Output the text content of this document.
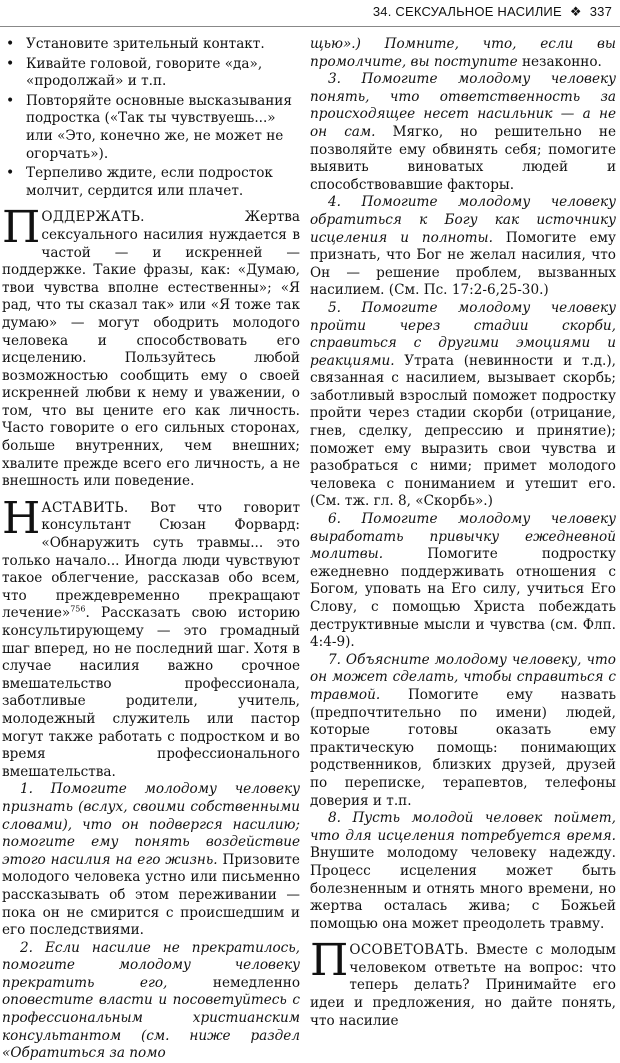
34. СЕКСУАЛЬНОЕ НАСИЛИЕ ❖ 337
• Установите зрительный контакт.
• Кивайте головой, говорите «да», «продолжай» и т.п.
• Повторяйте основные высказывания подростка («Так ты чувствуешь...» или «Это, конечно же, не может не огорчать»).
• Терпеливо ждите, если подросток молчит, сердится или плачет.

ПОДДЕРЖАТЬ. Жертва сексуального насилия нуждается в частой — и искренней — поддержке. Такие фразы, как: «Думаю, твои чувства вполне естественны»; «Я рад, что ты сказал так» или «Я тоже так думаю» — могут ободрить молодого человека и способствовать его исцелению. Пользуйтесь любой возможностью сообщить ему о своей искренней любви к нему и уважении, о том, что вы цените его как личность. Часто говорите о его сильных сторонах, больше внутренних, чем внешних; хвалите прежде всего его личность, а не внешность или поведение.

НАСТАВИТЬ. Вот что говорит консультант Сюзан Форвард: «Обнаружить суть травмы... это только начало... Иногда люди чувствуют такое облегчение, рассказав обо всем, что преждевременно прекращают лечение»$^{756}$. Рассказать свою историю консультирующему — это громадный шаг вперед, но не последний шаг. Хотя в случае насилия важно срочное вмешательство профессионала, заботливые родители, учитель, молодежный служитель или пастор могут также работать с подростком и во время профессионального вмешательства.

1. Помогите молодому человеку признать (вслух, своими собственными словами), что он подвергся насилию; помогите ему понять воздействие этого насилия на его жизнь. Призовите молодого человека устно или письменно рассказывать об этом переживании — пока он не смирится с происшедшим и его последствиями.

2. Если насилие не прекратилось, помогите молодому человеку прекратить его, немедленно оповестите власти и посоветуйтесь с профессиональным христианским консультантом (см. ниже раздел «Обратиться за помо

щью».) Помните, что, если вы промолчите, вы поступите незаконно.

3. Помогите молодому человеку понять, что ответственность за происходящее несет насильник — а не он сам. Мягко, но решительно не позволяйте ему обвинять себя; помогите выявить виноватых людей и способствовавшие факторы.

4. Помогите молодому человеку обратиться к Богу как источнику исцеления и полноты. Помогите ему признать, что Бог не желал насилия, что Он — решение проблем, вызванных насилием. (См. Пс. 17:2-6,25-30.)

5. Помогите молодому человеку пройти через стадии скорби, справиться с другими эмоциями и реакциями. Утрата (невинности и т.д.), связанная с насилием, вызывает скорбь; заботливый взрослый поможет подростку пройти через стадии скорби (отрицание, гнев, сделку, депрессию и принятие); поможет ему выразить свои чувства и разобраться с ними; примет молодого человека с пониманием и утешит его. (См. тж. гл. 8, «Скорбь».)

6. Помогите молодому человеку выработать привычку ежедневной молитвы. Помогите подростку ежедневно поддерживать отношения с Богом, уповать на Его силу, учиться Его Слову, с помощью Христа побеждать деструктивные мысли и чувства (см. Флп. 4:4-9).

7. Объясните молодому человеку, что он может сделать, чтобы справиться с травмой. Помогите ему назвать (предпочтительно по имени) людей, которые готовы оказать ему практическую помощь: понимающих родственников, близких друзей, друзей по переписке, терапевтов, телефоны доверия и т.п.

8. Пусть молодой человек поймет, что для исцеления потребуется время. Внушите молодому человеку надежду. Процесс исцеления может быть болезненным и отнять много времени, но жертва осталась жива; с Божьей помощью она может преодолеть травму.

ПОСОВЕТОВАТЬ. Вместе с молодым человеком ответьте на вопрос: что теперь делать? Принимайте его идеи и предложения, но дайте понять, что насилие
